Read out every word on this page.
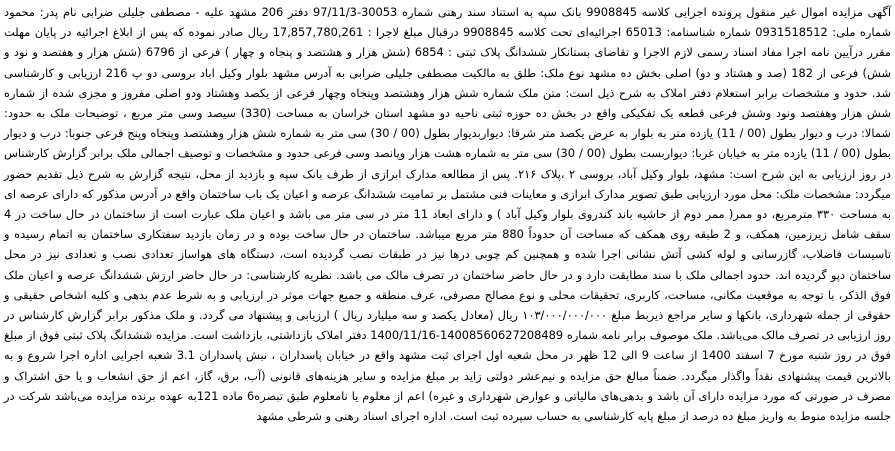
آگهی مزایده اموال غیر منقول پرونده اجرایی کلاسه 9908845 بانک سپه به استناد سند رهنی شماره 30053-97/11/3 دفتر 206 مشهد علیه - مصطفی جلیلی ضرابی نام پدر: محمود شماره ملی: 0931518512 شماره شناسنامه: 65013 اجرائیه‌ای تحت کلاسه 9908845 درقبال مبلغ لاجرا : 17,857,780,261 ریال صادر نموده که پس از ابلاغ اجرائیه در پایان مهلت مقرر درآیین نامه اجرا مفاد اسناد رسمی لازم الاجرا و تقاضای بستانکار ششدانگ پلاک ثبتی : 6854 (شش هزار و هشتصد و پنجاه و چهار ) فرعی از 6796 (شش هزار و هفتصد و نود و شش) فرعی از 182 (صد و هشتاد و دو) اصلی بخش ده مشهد نوع ملک: طلق به مالکیت مصطفی جلیلی ضرابی به آدرس مشهد بلوار وکیل اباد بروسی دو پ 216 ارزیابی و کارشناسی شد. حدود و مشخصات برابر استعلام دفتر املاک به شرح ذیل است: متن ملک شماره شش هزار وهشتصد وپنجاه وچهار فرعی از یکصد وهشتاد ودو اصلی مفروز و مجزی شده از شماره شش هزار وهفتصد ونود وشش فرعی قطعه یک تفکیکی واقع در بخش ده حوزه ثبتی ناحیه دو مشهد استان خراسان به مساحت (330) سیصد وسی متر مربع ، توضیحات ملک به حدود: شمالا: درب و دیوار بطول (00 / 11) یازده متر به بلوار به عرض یکصد متر شرقا: دیواربدیوار بطول (00 / 30) سی متر به شماره شش هزار وهشتصد وپنجاه وپنج فرعی جنوبا: درب و دیوار بطول (00 / 11) یازده متر به خیابان غربا: دیواربست بطول (00 / 30) سی متر به شماره هشت هزار وپانصد وسی فرعی حدود و مشخصات و توصیف اجمالی ملک برابر گزارش کارشناس در روز ارزیابی به این شرح است: مشهد، بلوار وکیل آباد، بروسی ۲ ،پلاک ۲۱۶. پس از مطالعه مدارک ابرازی از طرف بانک سپه و بازدید از محل، نتیجه گزارش به شرح ذیل تقدیم حضور میگردد: مشخصات ملک: محل مورد ارزیابی طبق تصویر مدارک ابرازی و معاینات فنی مشتمل بر تمامیت ششدانگ عرصه و اعیان یک باب ساختمان واقع در آدرس مذکور که دارای عرصه ای به مساحت ۳۳۰ مترمربع، دو ممر( ممر دوم از حاشیه باند کندروی بلوار وکیل آباد ) و دارای ابعاد 11 متر در سی متر می باشد و اعیان ملک عبارت است از ساختمان در حال ساخت در 4 سقف شامل زیرزمین، همکف، و 2 طبقه روی همکف که مساحت آن حدوداً 880 متر مربع میباشد. ساختمان در حال ساخت بوده و در زمان بازدید سفتکاری ساختمان به اتمام رسیده و تاسیسات فاضلاب، گازرسانی و لوله کشی آتش نشانی اجرا شده و همچنین کم چوبی درها نیز در طبقات نصب گردیده است، دستگاه های هواساز تعدادی نصب و تعدادی نیز در محل ساختمان دپو گردیده اند. حدود اجمالی ملک با سند مطابقت دارد و در حال حاضر ساختمان در تصرف مالک می باشد. نظریه کارشناسی: در حال حاضر ارزش ششدانگ عرصه و اعیان ملک فوق الذکر، با توجه به موقعیت مکانی، مساحت، کاربری، تحقیقات محلی و نوع مصالح مصرفی، عرف منطقه و جمیع جهات موثر در ارزیابی و به شرط عدم بدهی و کلیه اشخاص حقیقی و حقوقی از جمله شهرداری، بانکها و سایر مراجع ذیربط مبلغ ۱۰۳/۰۰۰/۰۰۰/۰۰۰ ریال (معادل یکصد و سه میلیارد ریال ) ارزیابی و پیشنهاد می گردد. و ملک مذکور برابر گزارش کارشناس در روز ارزیابی در تصرف مالک می‌باشد. ملک موصوف برابر نامه شماره 14008560627208489-1400/11/16 دفتر املاک بازداشتی، بازداشت است. مزایده ششدانگ پلاک ثبتی فوق از مبلغ فوق در روز شنبه مورخ 7 اسفند 1400 از ساعت 9 الی 12 ظهر در محل شعبه اول اجرای ثبت مشهد واقع در خیابان پاسداران ، نبش پاسداران 3.1 شعبه اجرایی اداره اجرا شروع و به بالاترین قیمت پیشنهادی نقداً واگذار میگردد. ضمناً مبالغ حق مزایده و نیم‌عشر دولتی زاید بر مبلغ مزایده و سایر هزینه‌های قانونی (آب، برق، گاز، اعم از حق انشعاب و یا حق اشتراک و مصرف در صورتی که مورد مزایده دارای آن باشد و بدهی‌های مالیاتی و عوارض شهرداری و غیره) اعم از معلوم یا نامعلوم طبق تبصره6 ماده 121به عهده برنده مزایده می‌باشد شرکت در جلسه مزایده منوط به واریز مبلغ ده درصد از مبلغ پایه کارشناسی به حساب سپرده ثبت است. اداره اجرای اسناد رهنی و شرطی مشهد
